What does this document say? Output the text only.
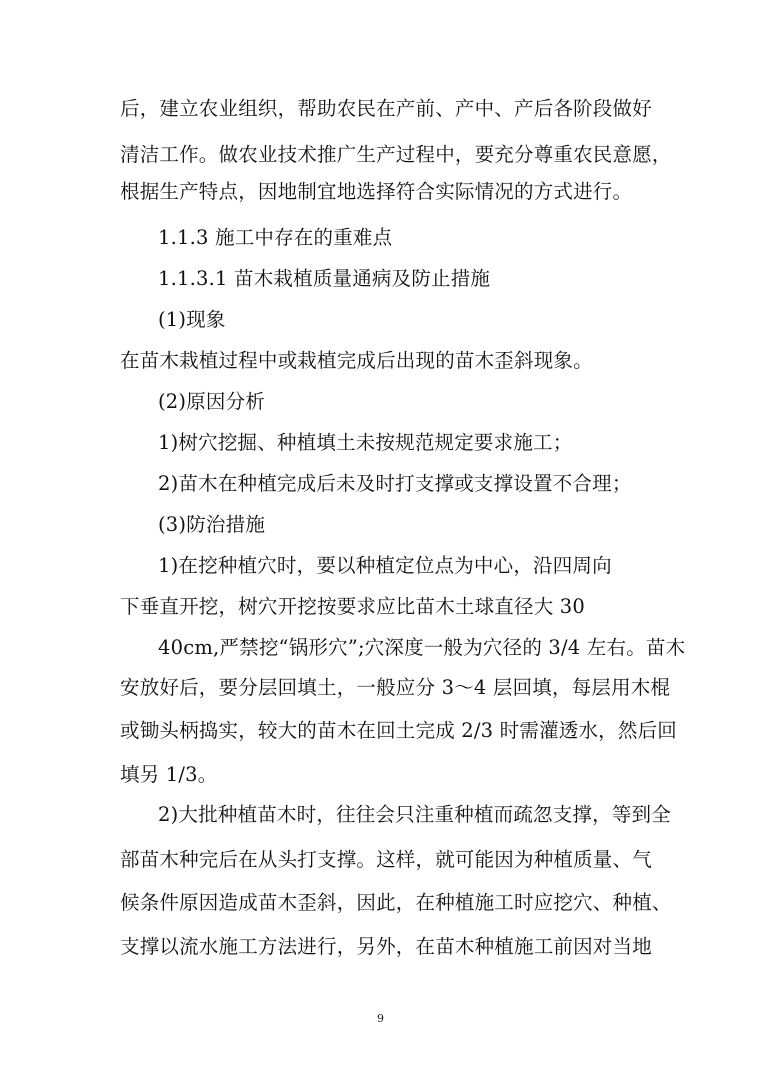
后，建立农业组织，帮助农民在产前、产中、产后各阶段做好
清洁工作。做农业技术推广生产过程中，要充分尊重农民意愿，
根据生产特点，因地制宜地选择符合实际情况的方式进行。
1.1.3 施工中存在的重难点
1.1.3.1 苗木栽植质量通病及防止措施
(1)现象
在苗木栽植过程中或栽植完成后出现的苗木歪斜现象。
(2)原因分析
1)树穴挖掘、种植填土未按规范规定要求施工；
2)苗木在种植完成后未及时打支撑或支撑设置不合理；
(3)防治措施
1)在挖种植穴时，要以种植定位点为中心，沿四周向
下垂直开挖，树穴开挖按要求应比苗木土球直径大 30
40cm,严禁挖“锅形穴”;穴深度一般为穴径的 3/4 左右。苗木
安放好后，要分层回填土，一般应分 3～4 层回填，每层用木棍
或锄头柄捣实，较大的苗木在回土完成 2/3 时需灌透水，然后回
填另 1/3。
2)大批种植苗木时，往往会只注重种植而疏忽支撑，等到全
部苗木种完后在从头打支撑。这样，就可能因为种植质量、气
候条件原因造成苗木歪斜，因此，在种植施工时应挖穴、种植、
支撑以流水施工方法进行，另外，在苗木种植施工前因对当地
9
